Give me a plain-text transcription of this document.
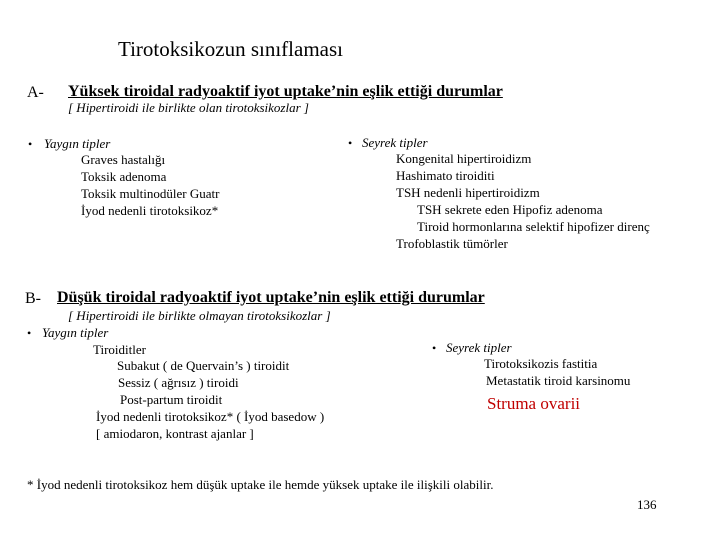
Tirotoksikozun sınıflaması
A- Yüksek tiroidal radyoaktif iyot uptake’nin eşlik ettiği durumlar
[ Hipertiroidi ile birlikte olan tirotoksikozlar ]
• Yaygın tipler
Graves hastalığı
Toksik adenoma
Toksik multinodüler Guatr
İyod nedenli tirotoksikoz*
• Seyrek tipler
Kongenital hipertiroidizm
Hashimato tiroiditi
TSH nedenli hipertiroidizm
TSH sekrete eden Hipofiz adenoma
Tiroid hormonlarına selektif hipofizer direnç
Trofoblastik tümörler
B- Düşük tiroidal radyoaktif iyot uptake’nin eşlik ettiği durumlar
[ Hipertiroidi ile birlikte olmayan tirotoksikozlar ]
• Yaygın tipler
Tiroiditler
Subakut ( de Quervain’s ) tiroidit
Sessiz ( ağrısız ) tiroidi
Post-partum tiroidit
İyod nedenli tirotoksikoz* ( İyod basedow )
[ amiodaron, kontrast ajanlar ]
• Seyrek tipler
Tirotoksikozis fastitia
Metastatik tiroid karsinomu
Struma ovarii
* İyod nedenli tirotoksikoz hem düşük uptake ile hemde yüksek uptake ile ilişkili olabilir.
136
